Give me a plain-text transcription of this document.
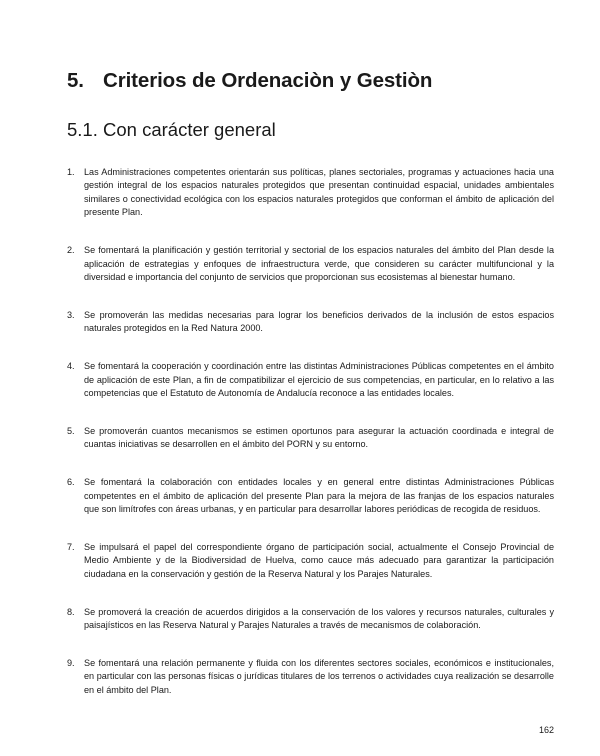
5. Criterios de Ordenaciòn y Gestiòn
5.1. Con carácter general
1. Las Administraciones competentes orientarán sus políticas, planes sectoriales, programas y actuaciones hacia una gestión integral de los espacios naturales protegidos que presentan continuidad espacial, unidades ambientales similares o conectividad ecológica con los espacios naturales protegidos que conforman el ámbito de aplicación del presente Plan.
2. Se fomentará la planificación y gestión territorial y sectorial de los espacios naturales del ámbito del Plan desde la aplicación de estrategias y enfoques de infraestructura verde, que consideren su carácter multifuncional y la diversidad e importancia del conjunto de servicios que proporcionan sus ecosistemas al bienestar humano.
3. Se promoverán las medidas necesarias para lograr los beneficios derivados de la inclusión de estos espacios naturales protegidos en la Red Natura 2000.
4. Se fomentará la cooperación y coordinación entre las distintas Administraciones Públicas competentes en el ámbito de aplicación de este Plan, a fin de compatibilizar el ejercicio de sus competencias, en particular, en lo relativo a las competencias que el Estatuto de Autonomía de Andalucía reconoce a las entidades locales.
5. Se promoverán cuantos mecanismos se estimen oportunos para asegurar la actuación coordinada e integral de cuantas iniciativas se desarrollen en el ámbito del PORN y su entorno.
6. Se fomentará la colaboración con entidades locales y en general entre distintas Administraciones Públicas competentes en el ámbito de aplicación del presente Plan para la mejora de las franjas de los espacios naturales que son limítrofes con áreas urbanas, y en particular para desarrollar labores periódicas de recogida de residuos.
7. Se impulsará el papel del correspondiente órgano de participación social, actualmente el Consejo Provincial de Medio Ambiente y de la Biodiversidad de Huelva, como cauce más adecuado para garantizar la participación ciudadana en la conservación y gestión de la Reserva Natural y los Parajes Naturales.
8. Se promoverá la creación de acuerdos dirigidos a la conservación de los valores y recursos naturales, culturales y paisajísticos en las Reserva Natural y Parajes Naturales a través de mecanismos de colaboración.
9. Se fomentará una relación permanente y fluida con los diferentes sectores sociales, económicos e institucionales, en particular con las personas físicas o jurídicas titulares de los terrenos o actividades cuya realización se desarrolle en el ámbito del Plan.
162
